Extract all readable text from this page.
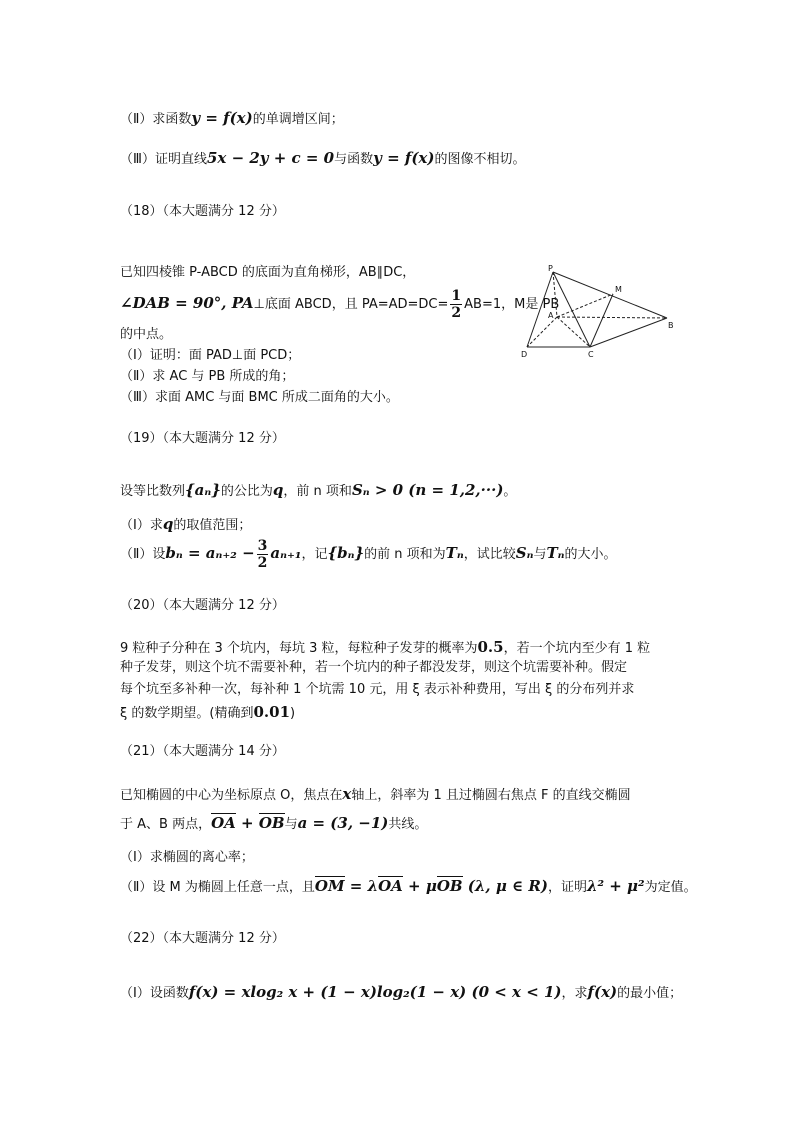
（Ⅱ）求函数y = f(x)的单调增区间；
（Ⅲ）证明直线5x − 2y + c = 0与函数y = f(x)的图像不相切。
（18）（本大题满分 12 分）
已知四棱锥 P-ABCD 的底面为直角梯形，AB∥DC，
∠DAB = 90°, PA⊥底面 ABCD，且 $PA=AD=DC= \frac{1}{2} AB=1$，M是 PB
的中点。
（Ⅰ）证明：面 PAD⊥面 PCD；
（Ⅱ）求 AC 与 PB 所成的角；
（Ⅲ）求面 AMC 与面 BMC 所成二面角的大小。
P
M
A
B
C
D
（19）（本大题满分 12 分）
设等比数列{aₙ}的公比为q，前 n 项和Sₙ > 0 (n = 1,2,···)。
（Ⅰ）求q的取值范围；
（Ⅱ）设$b_n = a_{n+2} - \frac{3}{2} a_{n+1}$，记{bₙ}的前 n 项和为Tₙ，试比较Sₙ与Tₙ的大小。
（20）（本大题满分 12 分）
9 粒种子分种在 3 个坑内，每坑 3 粒，每粒种子发芽的概率为0.5，若一个坑内至少有 1 粒
种子发芽，则这个坑不需要补种，若一个坑内的种子都没发芽，则这个坑需要补种。假定
每个坑至多补种一次，每补种 1 个坑需 10 元，用 ξ 表示补种费用，写出 ξ 的分布列并求
ξ 的数学期望。(精确到0.01)
（21）（本大题满分 14 分）
已知椭圆的中心为坐标原点 O，焦点在x轴上，斜率为 1 且过椭圆右焦点 F 的直线交椭圆
于 A、B 两点，OA + OB与a = (3, −1)共线。
（Ⅰ）求椭圆的离心率；
（Ⅱ）设 M 为椭圆上任意一点，且OM = λOA + μOB (λ, μ ∈ R)，证明λ² + μ²为定值。
（22）（本大题满分 12 分）
（Ⅰ）设函数f(x) = xlog₂ x + (1 − x)log₂(1 − x) (0 < x < 1)，求f(x)的最小值；
